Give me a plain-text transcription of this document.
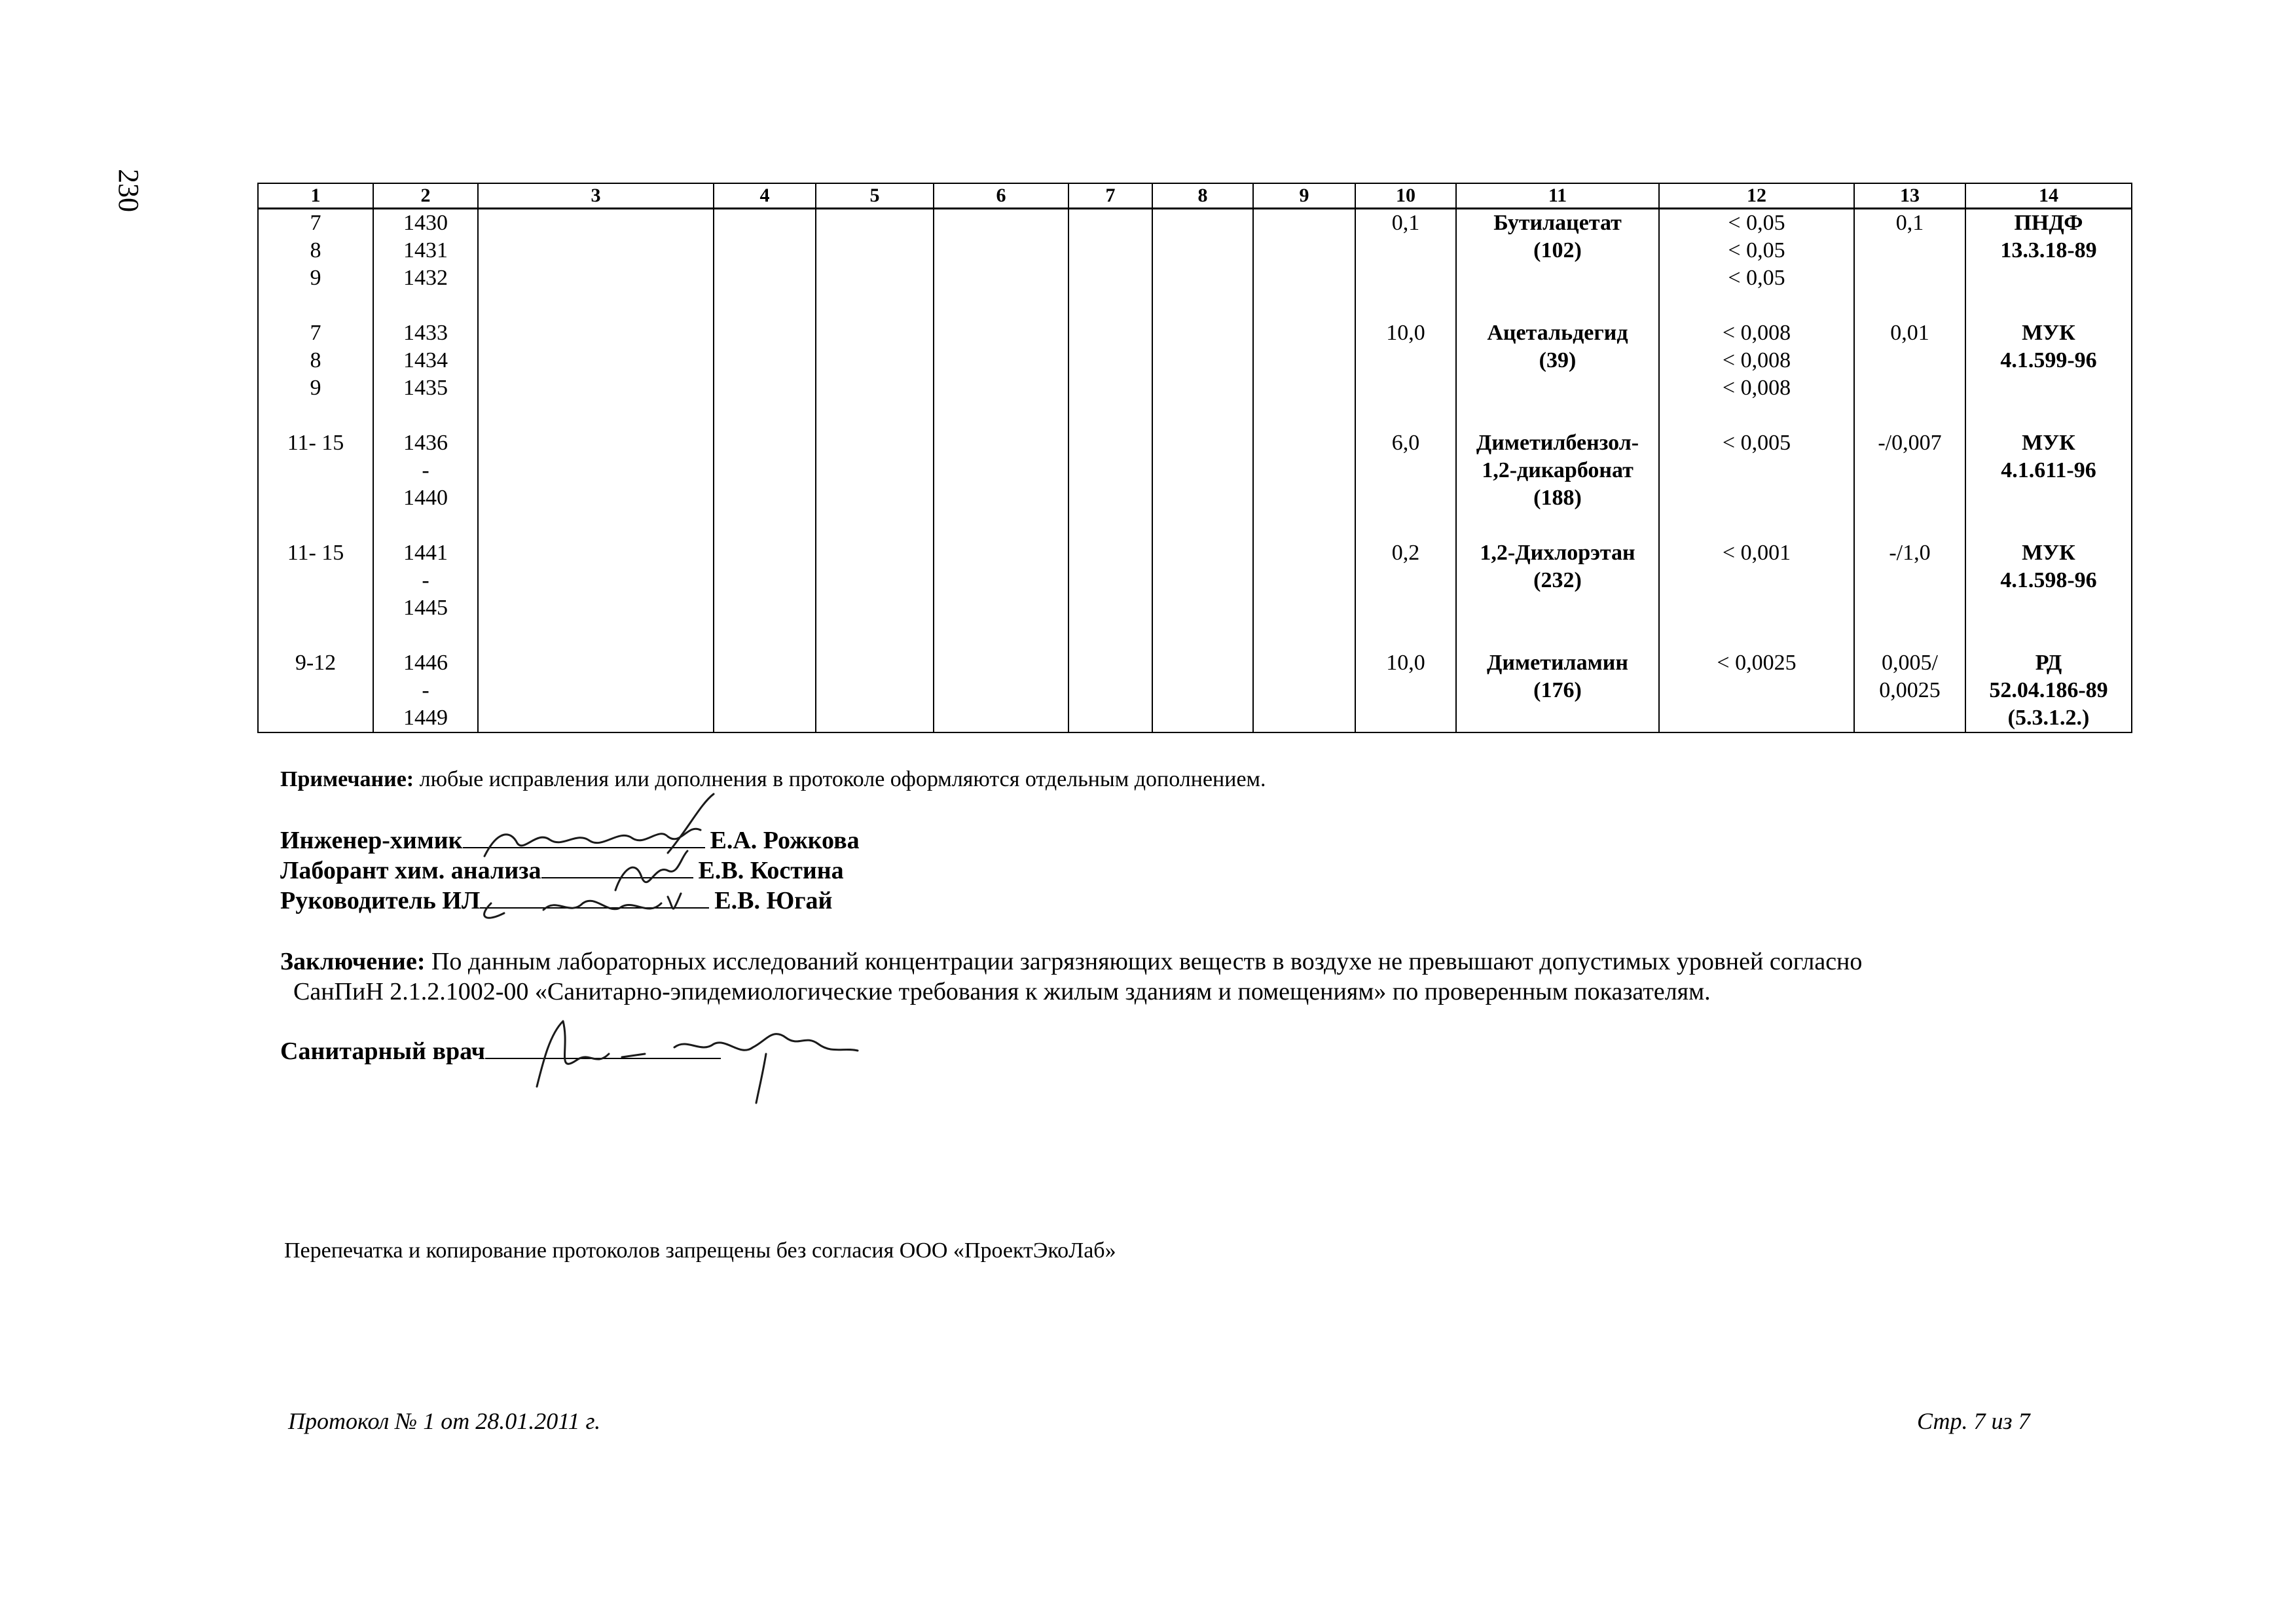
230	1	2	3	4	5	6	7	8	9	10	11	12	13	14
7	1430								0,1	Бутилацетат	< 0,05	0,1	ПНДФ
8	1431									(102)	< 0,05		13.3.18-89
9	1432										< 0,05		

7	1433								10,0	Ацетальдегид	< 0,008	0,01	МУК
8	1434									(39)	< 0,008		4.1.599-96
9	1435										< 0,008		

11- 15	1436								6,0	Диметилбензол-	< 0,005	-/0,007	МУК
	-									1,2-дикарбонат			4.1.611-96
	1440									(188)			

11- 15	1441								0,2	1,2-Дихлорэтан	< 0,001	-/1,0	МУК
	-									(232)			4.1.598-96
	1445												

9-12	1446								10,0	Диметиламин	< 0,0025	0,005/	РД
	-									(176)		0,0025	52.04.186-89
	1449												(5.3.1.2.)
Примечание: любые исправления или дополнения в протоколе оформляются отдельным дополнением.
Инженер-химик	Е.А. Рожкова
Лаборант хим. анализа	Е.В. Костина
Руководитель ИЛ	Е.В. Югай
Заключение: По данным лабораторных исследований концентрации загрязняющих веществ в воздухе не превышают допустимых уровней согласно
СанПиН 2.1.2.1002-00 «Санитарно-эпидемиологические требования к жилым зданиям и помещениям» по проверенным показателям.
Санитарный врач
Перепечатка и копирование протоколов запрещены без согласия ООО «ПроектЭкоЛаб»
Протокол № 1 от 28.01.2011 г.	Стр. 7 из 7
